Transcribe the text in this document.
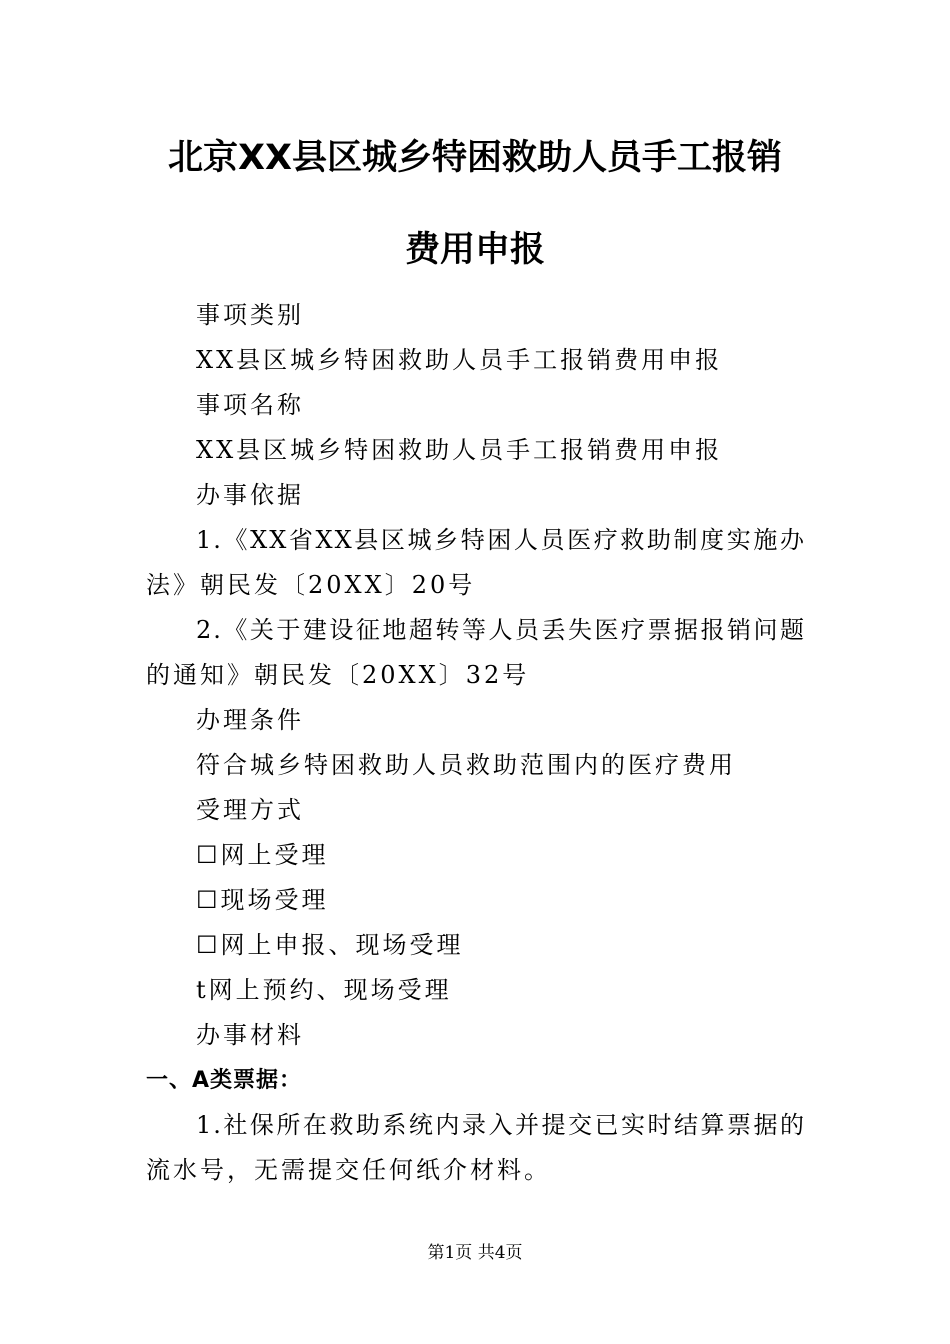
北京XX县区城乡特困救助人员手工报销
费用申报
事项类别
XX县区城乡特困救助人员手工报销费用申报
事项名称
XX县区城乡特困救助人员手工报销费用申报
办事依据
1.《XX省XX县区城乡特困人员医疗救助制度实施办
法》朝民发〔20XX〕20号
2.《关于建设征地超转等人员丢失医疗票据报销问题
的通知》朝民发〔20XX〕32号
办理条件
符合城乡特困救助人员救助范围内的医疗费用
受理方式
☐网上受理
☐现场受理
☐网上申报、现场受理
t网上预约、现场受理
办事材料
一、A类票据：
1.社保所在救助系统内录入并提交已实时结算票据的
流水号，无需提交任何纸介材料。
第1页 共4页
